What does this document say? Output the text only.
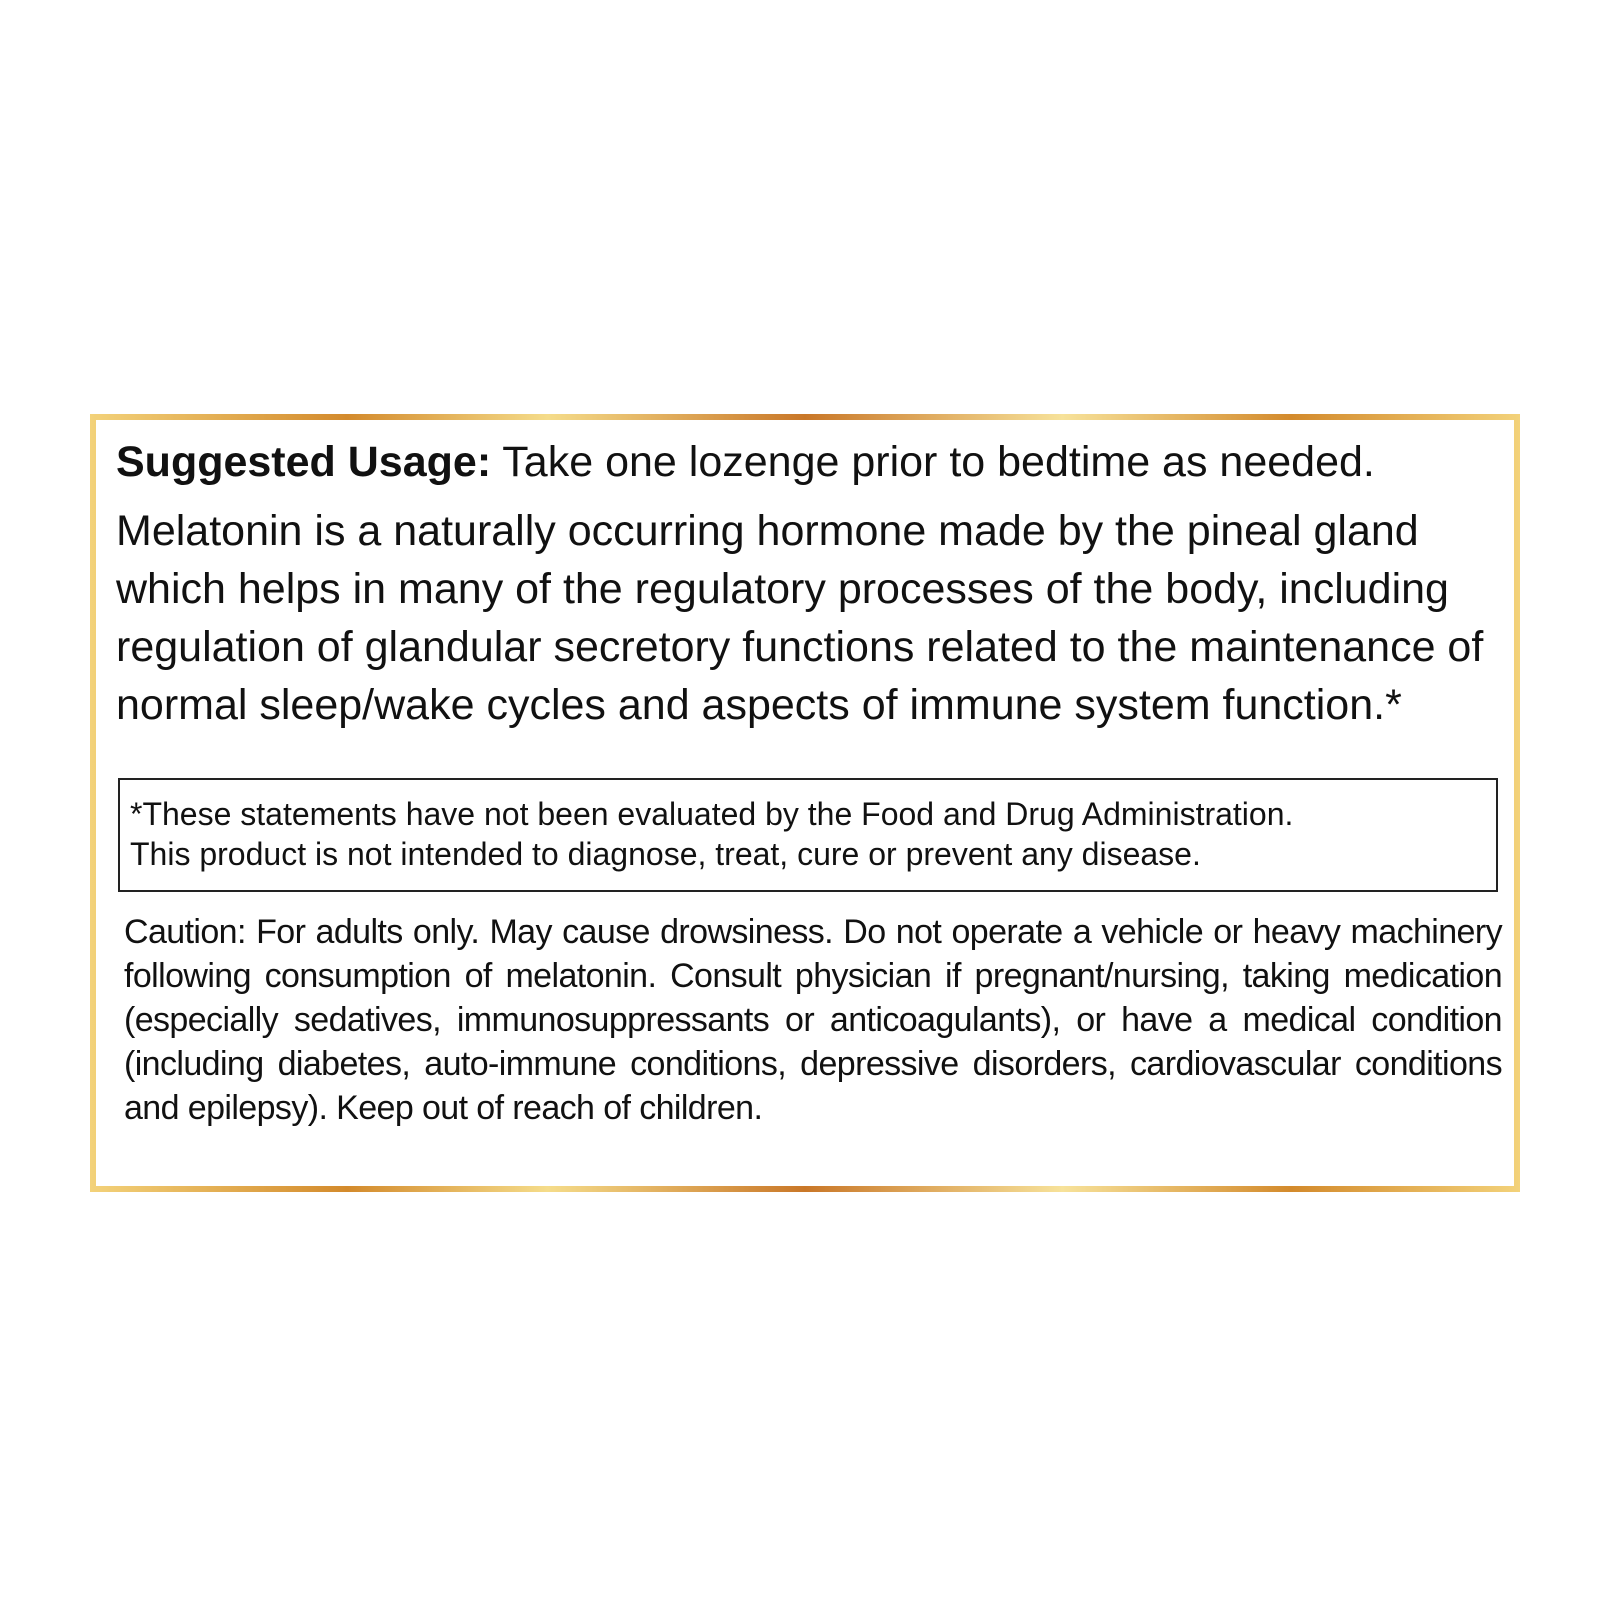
Suggested Usage: Take one lozenge prior to bedtime as needed.

Melatonin is a naturally occurring hormone made by the pineal gland which helps in many of the regulatory processes of the body, including regulation of glandular secretory functions related to the maintenance of normal sleep/wake cycles and aspects of immune system function.*

*These statements have not been evaluated by the Food and Drug Administration.
This product is not intended to diagnose, treat, cure or prevent any disease.

Caution: For adults only. May cause drowsiness. Do not operate a vehicle or heavy machinery following consumption of melatonin. Consult physician if pregnant/nursing, taking medication (especially sedatives, immunosuppressants or anticoagulants), or have a medical condition (including diabetes, auto-immune conditions, depressive disorders, cardiovascular conditions and epilepsy). Keep out of reach of children.
